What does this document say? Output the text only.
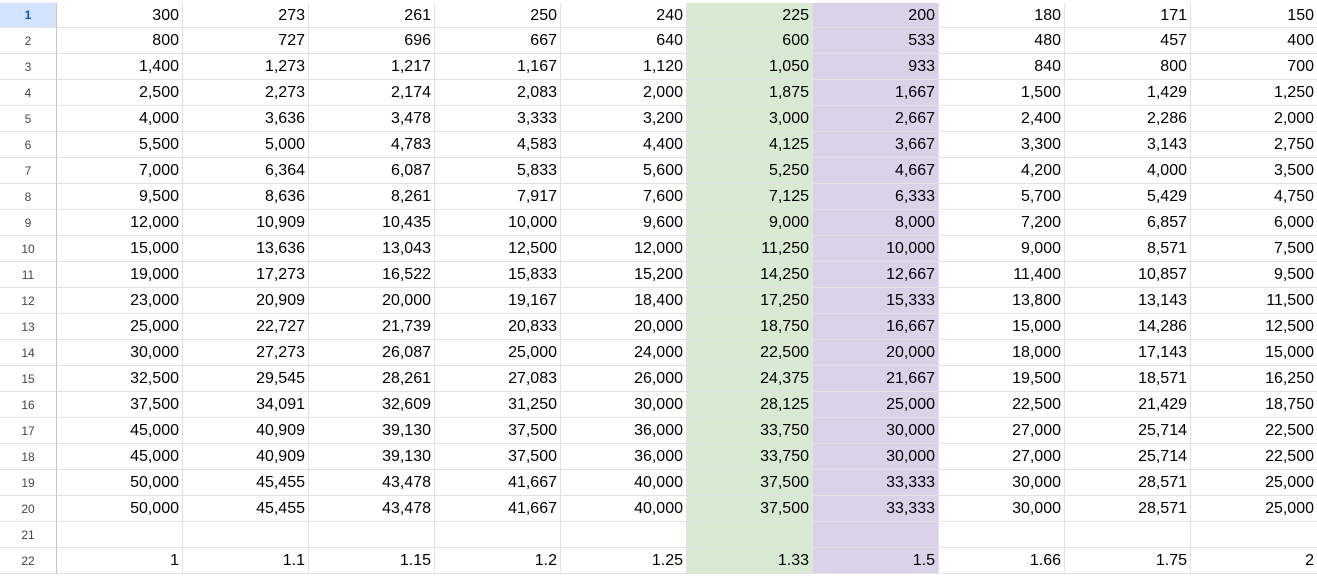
1	300	273	261	250	240	225	200	180	171	150
2	800	727	696	667	640	600	533	480	457	400
3	1,400	1,273	1,217	1,167	1,120	1,050	933	840	800	700
4	2,500	2,273	2,174	2,083	2,000	1,875	1,667	1,500	1,429	1,250
5	4,000	3,636	3,478	3,333	3,200	3,000	2,667	2,400	2,286	2,000
6	5,500	5,000	4,783	4,583	4,400	4,125	3,667	3,300	3,143	2,750
7	7,000	6,364	6,087	5,833	5,600	5,250	4,667	4,200	4,000	3,500
8	9,500	8,636	8,261	7,917	7,600	7,125	6,333	5,700	5,429	4,750
9	12,000	10,909	10,435	10,000	9,600	9,000	8,000	7,200	6,857	6,000
10	15,000	13,636	13,043	12,500	12,000	11,250	10,000	9,000	8,571	7,500
11	19,000	17,273	16,522	15,833	15,200	14,250	12,667	11,400	10,857	9,500
12	23,000	20,909	20,000	19,167	18,400	17,250	15,333	13,800	13,143	11,500
13	25,000	22,727	21,739	20,833	20,000	18,750	16,667	15,000	14,286	12,500
14	30,000	27,273	26,087	25,000	24,000	22,500	20,000	18,000	17,143	15,000
15	32,500	29,545	28,261	27,083	26,000	24,375	21,667	19,500	18,571	16,250
16	37,500	34,091	32,609	31,250	30,000	28,125	25,000	22,500	21,429	18,750
17	45,000	40,909	39,130	37,500	36,000	33,750	30,000	27,000	25,714	22,500
18	45,000	40,909	39,130	37,500	36,000	33,750	30,000	27,000	25,714	22,500
19	50,000	45,455	43,478	41,667	40,000	37,500	33,333	30,000	28,571	25,000
20	50,000	45,455	43,478	41,667	40,000	37,500	33,333	30,000	28,571	25,000
21
22	1	1.1	1.15	1.2	1.25	1.33	1.5	1.66	1.75	2
